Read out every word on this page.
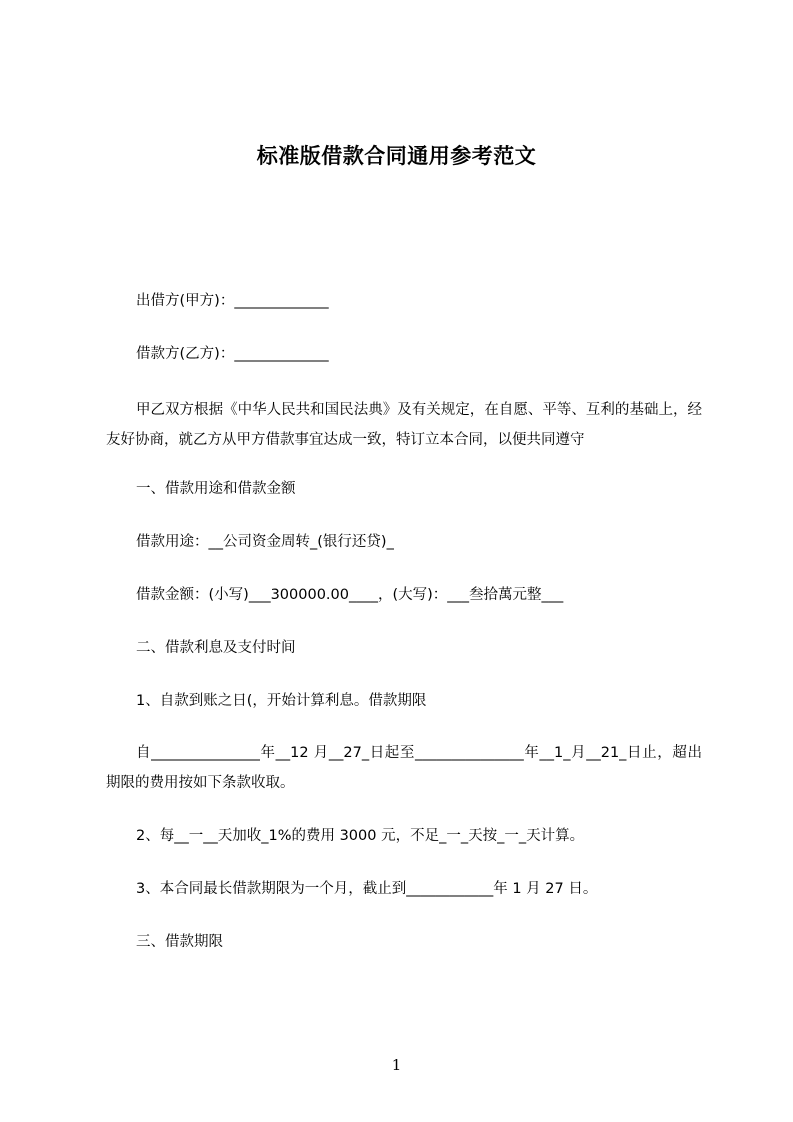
标准版借款合同通用参考范文
出借方(甲方)：_____________
借款方(乙方)：_____________
甲乙双方根据《中华人民共和国民法典》及有关规定，在自愿、平等、互利的基础上，经友好协商，就乙方从甲方借款事宜达成一致，特订立本合同，以便共同遵守
一、借款用途和借款金额
借款用途：__公司资金周转_(银行还贷)_
借款金额：(小写)___300000.00____，(大写)：___叁拾萬元整___
二、借款利息及支付时间
1、自款到账之日(，开始计算利息。借款期限
自_______________年__12 月__27_日起至_______________年__1_月__21_日止，超出期限的费用按如下条款收取。
2、每__一__天加收_1%的费用 3000 元，不足_一_天按_一_天计算。
3、本合同最长借款期限为一个月，截止到____________年 1 月 27 日。
三、借款期限
1
